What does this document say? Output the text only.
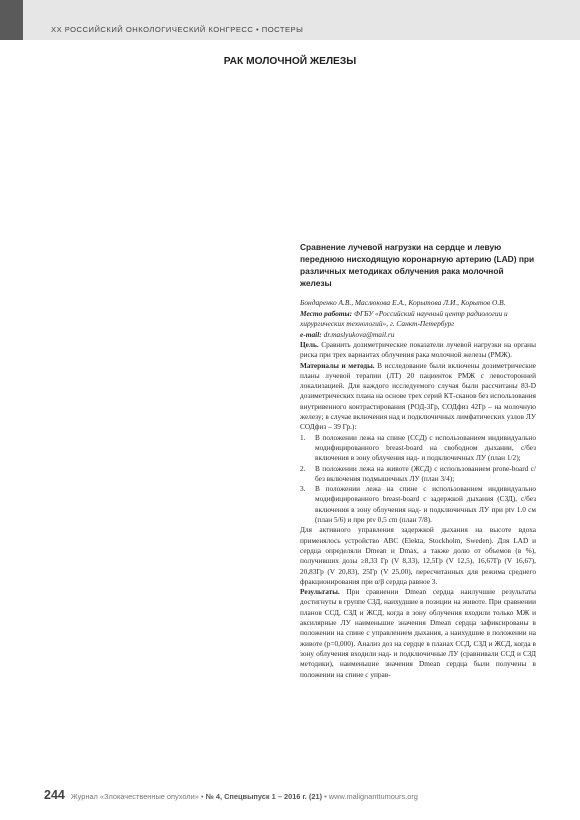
XX РОССИЙСКИЙ ОНКОЛОГИЧЕСКИЙ КОНГРЕСС • ПОСТЕРЫ
РАК МОЛОЧНОЙ ЖЕЛЕЗЫ
Сравнение лучевой нагрузки на сердце и левую переднюю нисходящую коронарную артерию (LAD) при различных методиках облучения рака молочной железы

Бондаренко А.В., Маслюкова Е.А., Корытова Л.И., Корытов О.В.

Место работы: ФГБУ «Российский научный центр радиологии и хирургических технологий», г. Санкт-Петербург

e-mail: dr.maslyukova@mail.ru

Цель. Сравнить дозиметрические показатели лучевой нагрузки на органы риска при трех вариантах облучения рака молочной железы (РМЖ).

Материалы и методы. В исследование были включены дозиметрические планы лучевой терапии (ЛТ) 20 пациенток РМЖ с левосторонней локализацией. Для каждого исследуемого случая были рассчитаны 83-D дозиметрических плана на основе трех серий КТ-сканов без использования внутривенного контрастирования (РОД-3Гр, СОДфиз 42Гр – на молочную железу; в случае включения над и подключичных лимфатических узлов ЛУ СОДфиз – 39 Гр.):

1. В положении лежа на спине (ССД) с использованием индивидуально модифицированного breast-board на свободном дыхании, с/без включения в зону облучения над- и подключичных ЛУ (план 1/2);
2. В положении лежа на животе (ЖСД) с использованием prone-board с/без включения подмышечных ЛУ (план 3/4);
3. В положении лежа на спине с использованием индивидуально модифицированного breast-board с задержкой дыхания (СЗД), с/без включения в зону облучения над- и подключичных ЛУ при ptv 1.0 см (план 5/6) и при ptv 0,5 cm (план 7/8).

Для активного управления задержкой дыхания на высоте вдоха применялось устройство ABC (Elekta, Stockholm, Sweden). Для LAD и сердца определяли Dmean и Dmax, а также долю от объемов (в %), получивших дозы ≥8,33 Гр (V 8,33), 12,5Гр (V 12,5), 16,67Гр (V 16,67), 20,83Гр (V 20,83), 25Гр (V 25,00), пересчитанных для режима среднего фракционирования при α/β сердца равное 3.

Результаты. При сравнении Dmean сердца наилучшие результаты достигнуты в группе СЗД, наихудшие в позиции на животе. При сравнении планов ССД, СЗД и ЖСД, когда в зону облучения входили только МЖ и аксилярные ЛУ наименьшие значения Dmean сердца зафиксированы в положении на спине с управлением дыхания, а наихудшие в положении на животе (p=0,000). Анализ доз на сердце в планах ССД, СЗД и ЖСД, когда в зону облучения входили над- и подключичные ЛУ (сравнивали ССД и СЗД методики), наименьшие значения Dmean сердца были получены в положении на спине с управ-

244 Журнал «Злокачественные опухоли» • № 4, Спецвыпуск 1 – 2016 г. (21) • www.malignanttumours.org
